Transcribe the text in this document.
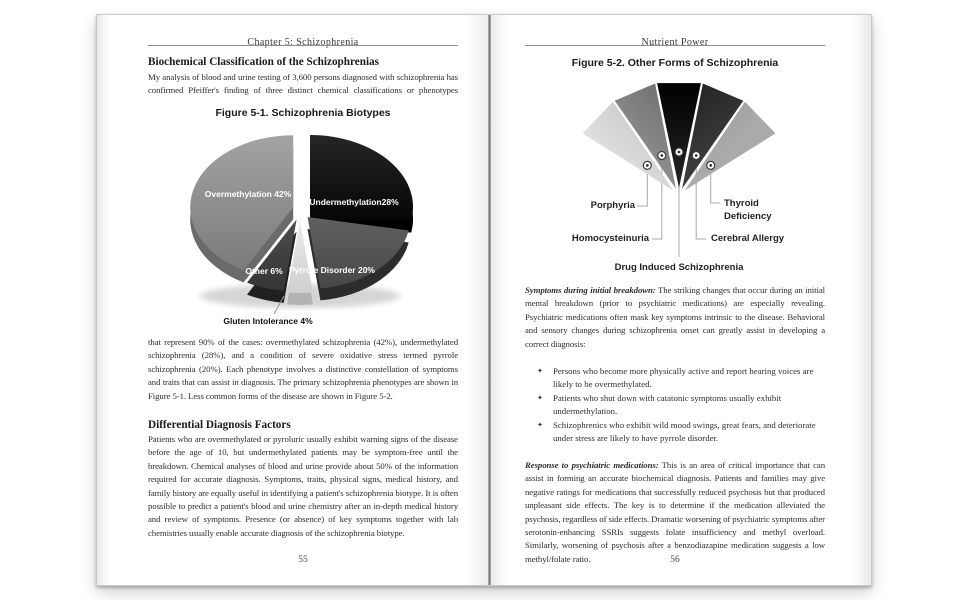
Chapter 5: Schizophrenia
Biochemical Classification of the Schizophrenias
My analysis of blood and urine testing of 3,600 persons diagnosed with schizophrenia has confirmed Pfeiffer's finding of three distinct chemical classifications or phenotypes
Figure 5-1. Schizophrenia Biotypes
Overmethylation 42%
Undermethylation28%
Pyrrole Disorder 20%
Other 6%
Gluten Intolerance 4%
that represent 90% of the cases: overmethylated schizophrenia (42%), undermethylated schizophrenia (28%), and a condition of severe oxidative stress termed pyrrole schizophrenia (20%). Each phenotype involves a distinctive constellation of symptoms and traits that can assist in diagnosis. The primary schizophrenia phenotypes are shown in Figure 5-1. Less common forms of the disease are shown in Figure 5-2.
Differential Diagnosis Factors
Patients who are overmethylated or pyroluric usually exhibit warning signs of the disease before the age of 10, but undermethylated patients may be symptom-free until the breakdown. Chemical analyses of blood and urine provide about 50% of the information required for accurate diagnosis. Symptoms, traits, physical signs, medical history, and family history are equally useful in identifying a patient's schizophrenia biotype. It is often possible to predict a patient's blood and urine chemistry after an in-depth medical history and review of symptoms. Presence (or absence) of key symptoms together with lab chemistries usually enable accurate diagnosis of the schizophrenia biotype.
55
Nutrient Power
Figure 5-2. Other Forms of Schizophrenia
Porphyria
Homocysteinuria
Drug Induced Schizophrenia
Cerebral Allergy
Thyroid Deficiency
Symptoms during initial breakdown: The striking changes that occur during an initial mental breakdown (prior to psychiatric medications) are especially revealing. Psychiatric medications often mask key symptoms intrinsic to the disease. Behavioral and sensory changes during schizophrenia onset can greatly assist in developing a correct diagnosis:
✦	Persons who become more physically active and report hearing voices are likely to be overmethylated.
✦	Patients who shut down with catatonic symptoms usually exhibit undermethylation.
✦	Schizophrenics who exhibit wild mood swings, great fears, and deteriorate under stress are likely to have pyrrole disorder.
Response to psychiatric medications: This is an area of critical importance that can assist in forming an accurate biochemical diagnosis. Patients and families may give negative ratings for medications that successfully reduced psychosis but that produced unpleasant side effects. The key is to determine if the medication alleviated the psychosis, regardless of side effects. Dramatic worsening of psychiatric symptoms after serotonin-enhancing SSRIs suggests folate insufficiency and methyl overload. Similarly, worsening of psychosis after a benzodiazapine medication suggests a low methyl/folate ratio.	56
